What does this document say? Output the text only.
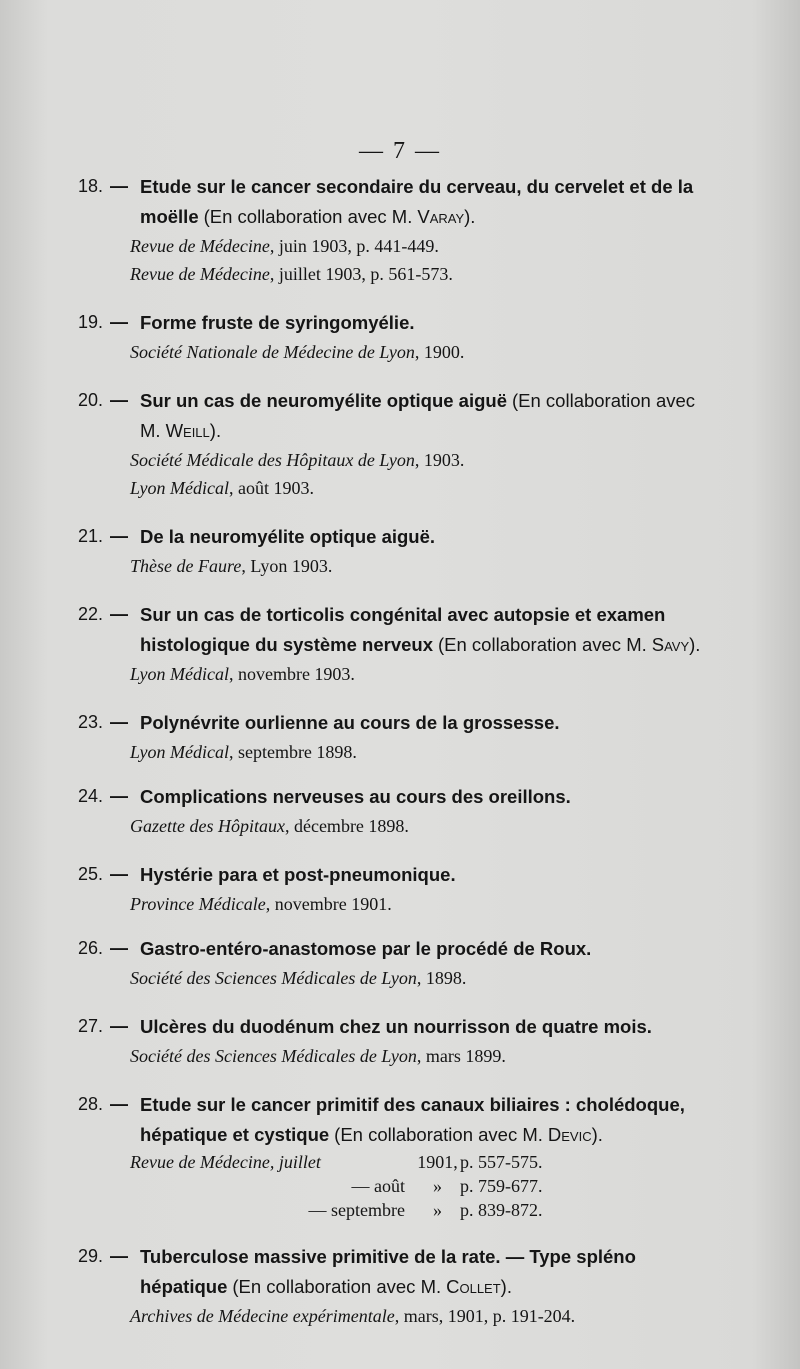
— 7 —
18. — Etude sur le cancer secondaire du cerveau, du cervelet et de la moëlle (En collaboration avec M. Varay).
Revue de Médecine, juin 1903, p. 441-449.
Revue de Médecine, juillet 1903, p. 561-573.
19. — Forme fruste de syringomyélie.
Société Nationale de Médecine de Lyon, 1900.
20. — Sur un cas de neuromyélite optique aiguë (En collaboration avec M. Weill).
Société Médicale des Hôpitaux de Lyon, 1903.
Lyon Médical, août 1903.
21. — De la neuromyélite optique aiguë.
Thèse de Faure, Lyon 1903.
22. — Sur un cas de torticolis congénital avec autopsie et examen histologique du système nerveux (En collaboration avec M. Savy).
Lyon Médical, novembre 1903.
23. — Polynévrite ourlienne au cours de la grossesse.
Lyon Médical, septembre 1898.
24. — Complications nerveuses au cours des oreillons.
Gazette des Hôpitaux, décembre 1898.
25. — Hystérie para et post-pneumonique.
Province Médicale, novembre 1901.
26. — Gastro-entéro-anastomose par le procédé de Roux.
Société des Sciences Médicales de Lyon, 1898.
27. — Ulcères du duodénum chez un nourrisson de quatre mois.
Société des Sciences Médicales de Lyon, mars 1899.
28. — Etude sur le cancer primitif des canaux biliaires : cholédoque, hépatique et cystique (En collaboration avec M. Devic).
Revue de Médecine, juillet	1901,	p. 557-575.
— août	»	p. 759-677.
— septembre	»	p. 839-872.
29. — Tuberculose massive primitive de la rate. — Type spléno hépatique (En collaboration avec M. Collet).
Archives de Médecine expérimentale, mars, 1901, p. 191-204.
